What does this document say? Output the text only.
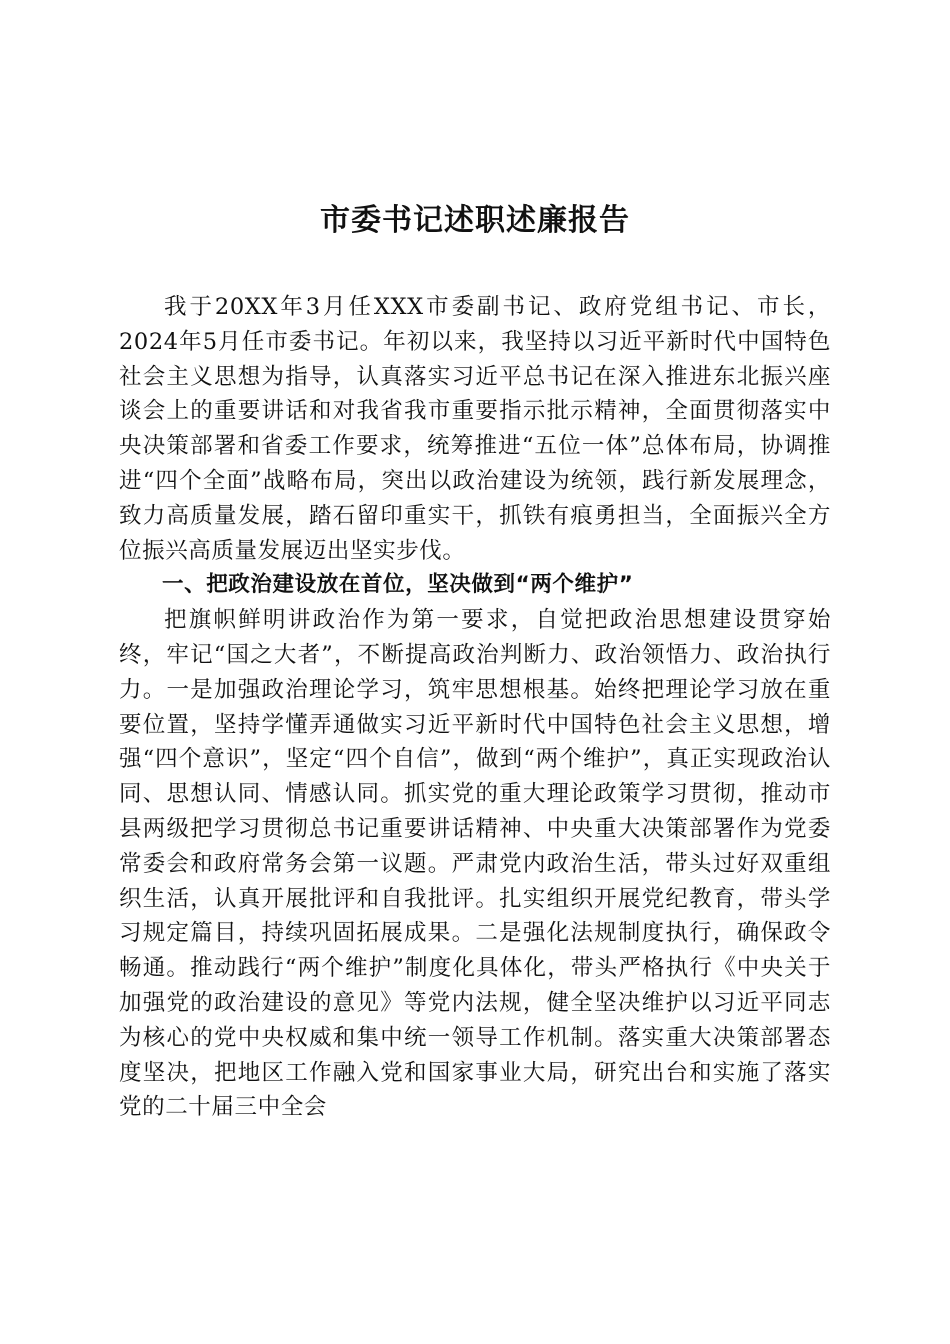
市委书记述职述廉报告

我于20XX年3月任XXX市委副书记、政府党组书记、市长，2024年5月任市委书记。年初以来，我坚持以习近平新时代中国特色社会主义思想为指导，认真落实习近平总书记在深入推进东北振兴座谈会上的重要讲话和对我省我市重要指示批示精神，全面贯彻落实中央决策部署和省委工作要求，统筹推进“五位一体”总体布局，协调推进“四个全面”战略布局，突出以政治建设为统领，践行新发展理念，致力高质量发展，踏石留印重实干，抓铁有痕勇担当，全面振兴全方位振兴高质量发展迈出坚实步伐。

一、把政治建设放在首位，坚决做到“两个维护”

把旗帜鲜明讲政治作为第一要求，自觉把政治思想建设贯穿始终，牢记“国之大者”，不断提高政治判断力、政治领悟力、政治执行力。一是加强政治理论学习，筑牢思想根基。始终把理论学习放在重要位置，坚持学懂弄通做实习近平新时代中国特色社会主义思想，增强“四个意识”，坚定“四个自信”，做到“两个维护”，真正实现政治认同、思想认同、情感认同。抓实党的重大理论政策学习贯彻，推动市县两级把学习贯彻总书记重要讲话精神、中央重大决策部署作为党委常委会和政府常务会第一议题。严肃党内政治生活，带头过好双重组织生活，认真开展批评和自我批评。扎实组织开展党纪教育，带头学习规定篇目，持续巩固拓展成果。二是强化法规制度执行，确保政令畅通。推动践行“两个维护”制度化具体化，带头严格执行《中央关于加强党的政治建设的意见》等党内法规，健全坚决维护以习近平同志为核心的党中央权威和集中统一领导工作机制。落实重大决策部署态度坚决，把地区工作融入党和国家事业大局，研究出台和实施了落实党的二十届三中全会
